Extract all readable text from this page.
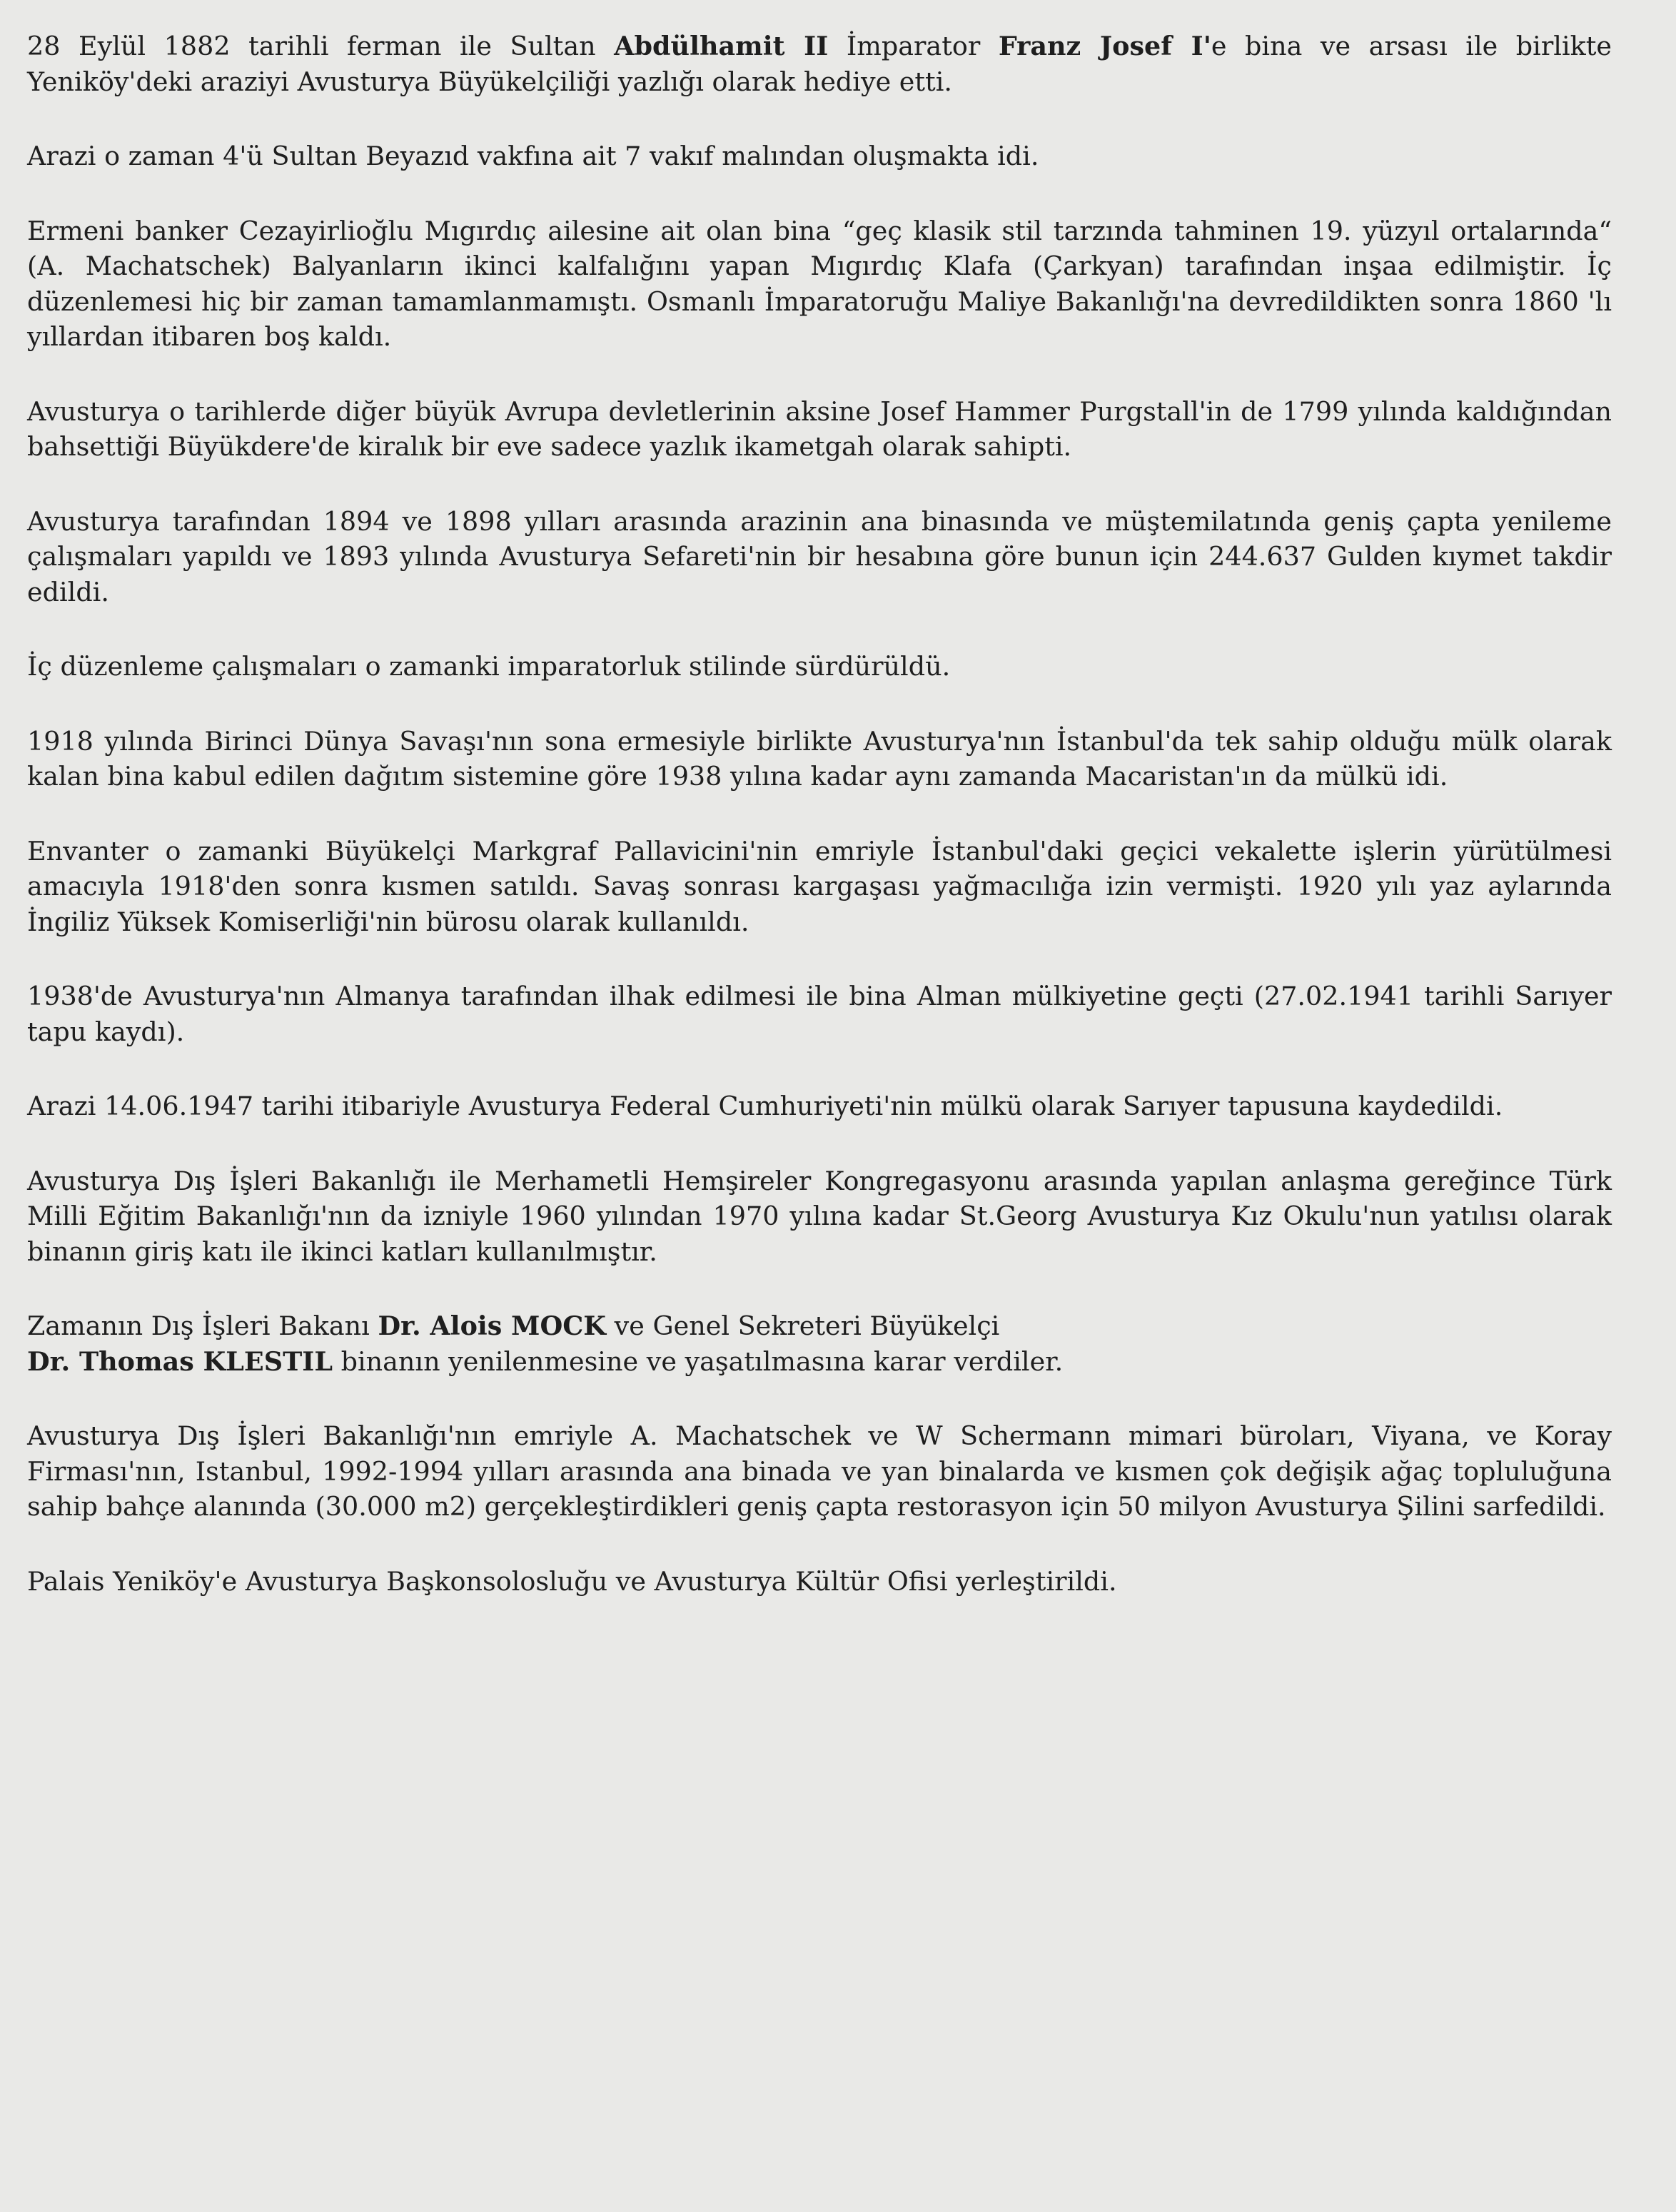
28 Eylül 1882 tarihli ferman ile Sultan Abdülhamit II İmparator Franz Josef I'e bina ve arsası ile birlikte Yeniköy'deki araziyi Avusturya Büyükelçiliği yazlığı olarak hediye etti.

Arazi o zaman 4'ü Sultan Beyazıd vakfına ait 7 vakıf malından oluşmakta idi.

Ermeni banker Cezayirlioğlu Mıgırdıç ailesine ait olan bina “geç klasik stil tarzında tahminen 19. yüzyıl ortalarında“ (A. Machatschek) Balyanların ikinci kalfalığını yapan Mıgırdıç Klafa (Çarkyan) tarafından inşaa edilmiştir. İç düzenlemesi hiç bir zaman tamamlanmamıştı. Osmanlı İmparatoruğu Maliye Bakanlığı'na devredildikten sonra 1860 'lı yıllardan itibaren boş kaldı.

Avusturya o tarihlerde diğer büyük Avrupa devletlerinin aksine Josef Hammer Purgstall'in de 1799 yılında kaldığından bahsettiği Büyükdere'de kiralık bir eve sadece yazlık ikametgah olarak sahipti.

Avusturya tarafından 1894 ve 1898 yılları arasında arazinin ana binasında ve müştemilatında geniş çapta yenileme çalışmaları yapıldı ve 1893 yılında Avusturya Sefareti'nin bir hesabına göre bunun için 244.637 Gulden kıymet takdir edildi.

İç düzenleme çalışmaları o zamanki imparatorluk stilinde sürdürüldü.

1918 yılında Birinci Dünya Savaşı'nın sona ermesiyle birlikte Avusturya'nın İstanbul'da tek sahip olduğu mülk olarak kalan bina kabul edilen dağıtım sistemine göre 1938 yılına kadar aynı zamanda Macaristan'ın da mülkü idi.

Envanter o zamanki Büyükelçi Markgraf Pallavicini'nin emriyle İstanbul'daki geçici vekalette işlerin yürütülmesi amacıyla 1918'den sonra kısmen satıldı. Savaş sonrası kargaşası yağmacılığa izin vermişti. 1920 yılı yaz aylarında İngiliz Yüksek Komiserliği'nin bürosu olarak kullanıldı.

1938'de Avusturya'nın Almanya tarafından ilhak edilmesi ile bina Alman mülkiyetine geçti (27.02.1941 tarihli Sarıyer tapu kaydı).

Arazi 14.06.1947 tarihi itibariyle Avusturya Federal Cumhuriyeti'nin mülkü olarak Sarıyer tapusuna kaydedildi.

Avusturya Dış İşleri Bakanlığı ile Merhametli Hemşireler Kongregasyonu arasında yapılan anlaşma gereğince Türk Milli Eğitim Bakanlığı'nın da izniyle 1960 yılından 1970 yılına kadar St.Georg Avusturya Kız Okulu'nun yatılısı olarak binanın giriş katı ile ikinci katları kullanılmıştır.

Zamanın Dış İşleri Bakanı Dr. Alois MOCK ve Genel Sekreteri Büyükelçi
Dr. Thomas KLESTIL binanın yenilenmesine ve yaşatılmasına karar verdiler.

Avusturya Dış İşleri Bakanlığı'nın emriyle A. Machatschek ve W Schermann mimari büroları, Viyana, ve Koray Firması'nın, Istanbul, 1992-1994 yılları arasında ana binada ve yan binalarda ve kısmen çok değişik ağaç topluluğuna sahip bahçe alanında (30.000 m2) gerçekleştirdikleri geniş çapta restorasyon için 50 milyon Avusturya Şilini sarfedildi.

Palais Yeniköy'e Avusturya Başkonsolosluğu ve Avusturya Kültür Ofisi yerleştirildi.
